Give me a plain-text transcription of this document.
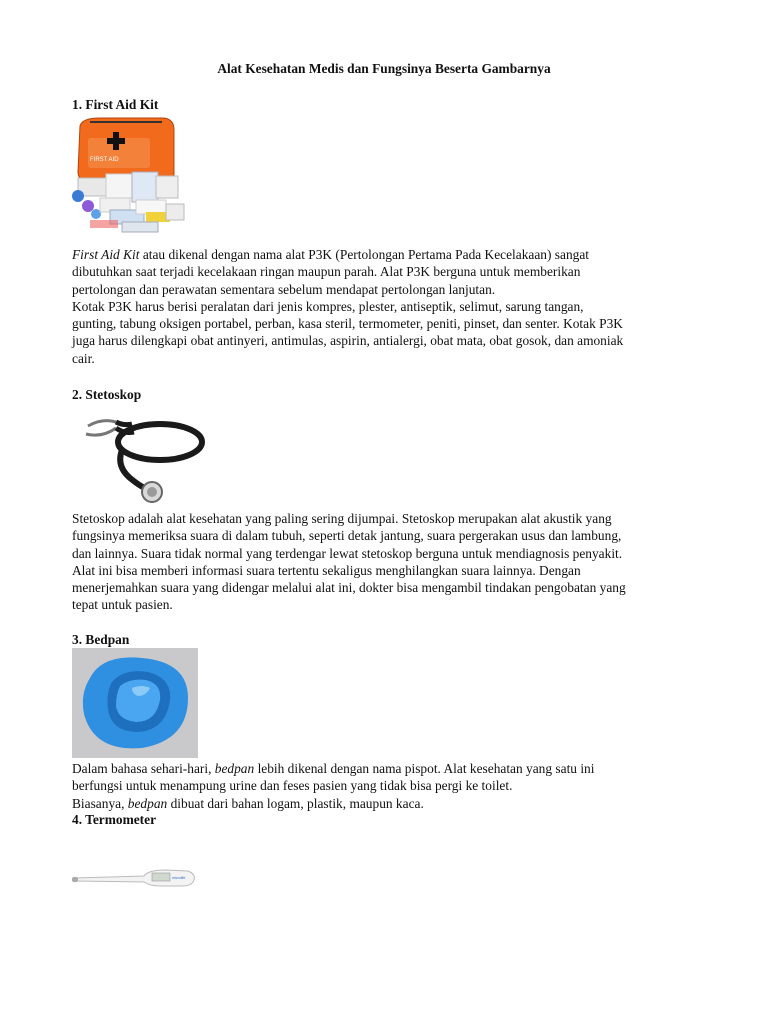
Alat Kesehatan Medis dan Fungsinya Beserta Gambarnya
1. First Aid Kit
FIRST AID

First Aid Kit atau dikenal dengan nama alat P3K (Pertolongan Pertama Pada Kecelakaan) sangat
dibutuhkan saat terjadi kecelakaan ringan maupun parah. Alat P3K berguna untuk memberikan
pertolongan dan perawatan sementara sebelum mendapat pertolongan lanjutan.
Kotak P3K harus berisi peralatan dari jenis kompres, plester, antiseptik, selimut, sarung tangan,
gunting, tabung oksigen portabel, perban, kasa steril, termometer, peniti, pinset, dan senter. Kotak P3K
juga harus dilengkapi obat antinyeri, antimulas, aspirin, antialergi, obat mata, obat gosok, dan amoniak
cair.

2. Stetoskop

Stetoskop adalah alat kesehatan yang paling sering dijumpai. Stetoskop merupakan alat akustik yang
fungsinya memeriksa suara di dalam tubuh, seperti detak jantung, suara pergerakan usus dan lambung,
dan lainnya. Suara tidak normal yang terdengar lewat stetoskop berguna untuk mendiagnosis penyakit.
Alat ini bisa memberi informasi suara tertentu sekaligus menghilangkan suara lainnya. Dengan
menerjemahkan suara yang didengar melalui alat ini, dokter bisa mengambil tindakan pengobatan yang
tepat untuk pasien.

3. Bedpan

Dalam bahasa sehari-hari, bedpan lebih dikenal dengan nama pispot. Alat kesehatan yang satu ini
berfungsi untuk menampung urine dan feses pasien yang tidak bisa pergi ke toilet.
Biasanya, bedpan dibuat dari bahan logam, plastik, maupun kaca.

4. Termometer
microlife
